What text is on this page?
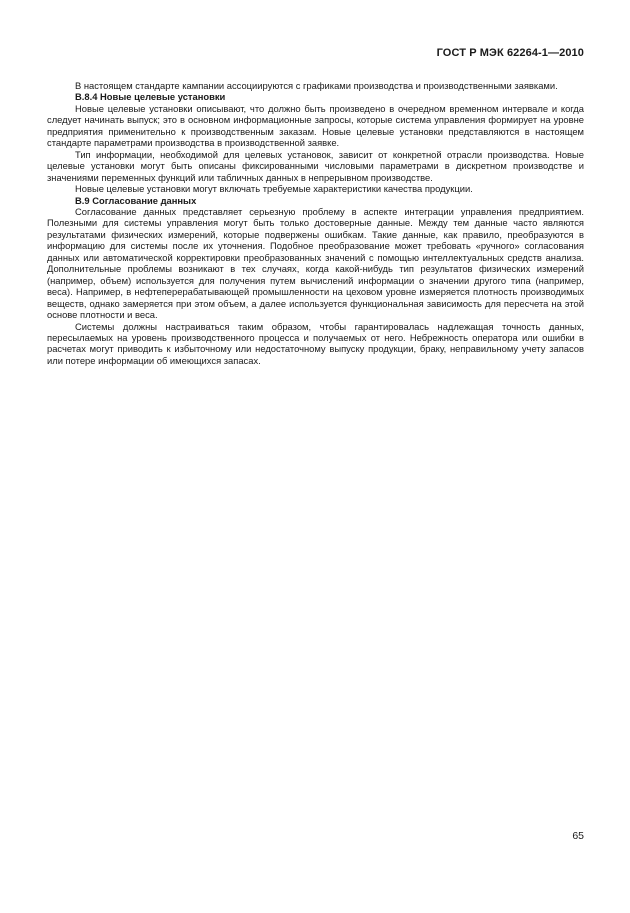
ГОСТ Р МЭК 62264-1—2010

В настоящем стандарте кампании ассоциируются с графиками производства и производственными заявками.

В.8.4 Новые целевые установки

Новые целевые установки описывают, что должно быть произведено в очередном временном интервале и когда следует начинать выпуск; это в основном информационные запросы, которые система управления формирует на уровне предприятия применительно к производственным заказам. Новые целевые установки представляются в настоящем стандарте параметрами производства в производственной заявке.

Тип информации, необходимой для целевых установок, зависит от конкретной отрасли производства. Новые целевые установки могут быть описаны фиксированными числовыми параметрами в дискретном производстве и значениями переменных функций или табличных данных в непрерывном производстве.

Новые целевые установки могут включать требуемые характеристики качества продукции.

В.9 Согласование данных

Согласование данных представляет серьезную проблему в аспекте интеграции управления предприятием. Полезными для системы управления могут быть только достоверные данные. Между тем данные часто являются результатами физических измерений, которые подвержены ошибкам. Такие данные, как правило, преобразуются в информацию для системы после их уточнения. Подобное преобразование может требовать «ручного» согласования данных или автоматической корректировки преобразованных значений с помощью интеллектуальных средств анализа. Дополнительные проблемы возникают в тех случаях, когда какой-нибудь тип результатов физических измерений (например, объем) используется для получения путем вычислений информации о значении другого типа (например, веса). Например, в нефтеперерабатывающей промышленности на цеховом уровне измеряется плотность производимых веществ, однако замеряется при этом объем, а далее используется функциональная зависимость для пересчета на этой основе плотности и веса.

Системы должны настраиваться таким образом, чтобы гарантировалась надлежащая точность данных, пересылаемых на уровень производственного процесса и получаемых от него. Небрежность оператора или ошибки в расчетах могут приводить к избыточному или недостаточному выпуску продукции, браку, неправильному учету запасов или потере информации об имеющихся запасах.

65
